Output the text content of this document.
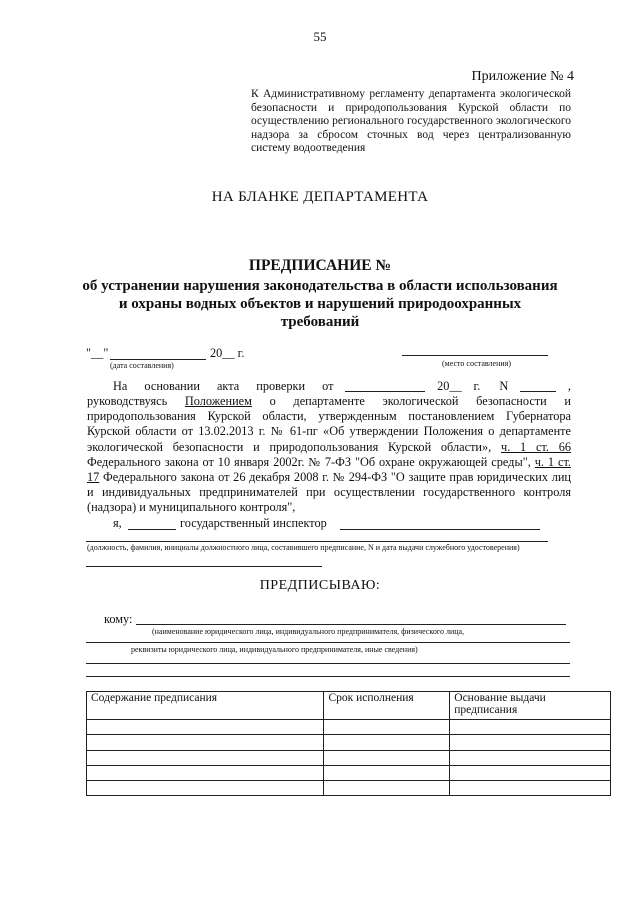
55
Приложение № 4
К Административному регламенту департамента экологической безопасности и природопользования Курской области по осуществлению регионального государственного экологического надзора за сбросом сточных вод через централизованную систему водоотведения
НА БЛАНКЕ ДЕПАРТАМЕНТА
ПРЕДПИСАНИЕ №
об устранении нарушения законодательства в области использования и охраны водных объектов и нарушений природоохранных требований
"__"	20__ г.
(дата составления)	(место составления)
На основании акта проверки от	20__ г. N	,
руководствуясь Положением о департаменте экологической безопасности и природопользования Курской области, утвержденным постановлением Губернатора Курской области от 13.02.2013 г. № 61-пг «Об утверждении Положения о департаменте экологической безопасности и природопользования Курской области», ч. 1 ст. 66 Федерального закона от 10 января 2002г. № 7-ФЗ "Об охране окружающей среды", ч. 1 ст. 17 Федерального закона от 26 декабря 2008 г. № 294-ФЗ "О защите прав юридических лиц и индивидуальных предпринимателей при осуществлении государственного контроля (надзора) и муниципального контроля",
я,	государственный инспектор
(должность, фамилия, инициалы должностного лица, составившего предписание, N и дата выдачи служебного удостоверения)
ПРЕДПИСЫВАЮ:
кому:
(наименование юридического лица, индивидуального предпринимателя, физического лица,
реквизиты юридического лица, индивидуального предпринимателя, иные сведения)
Содержание предписания	Срок исполнения	Основание выдачи предписания
